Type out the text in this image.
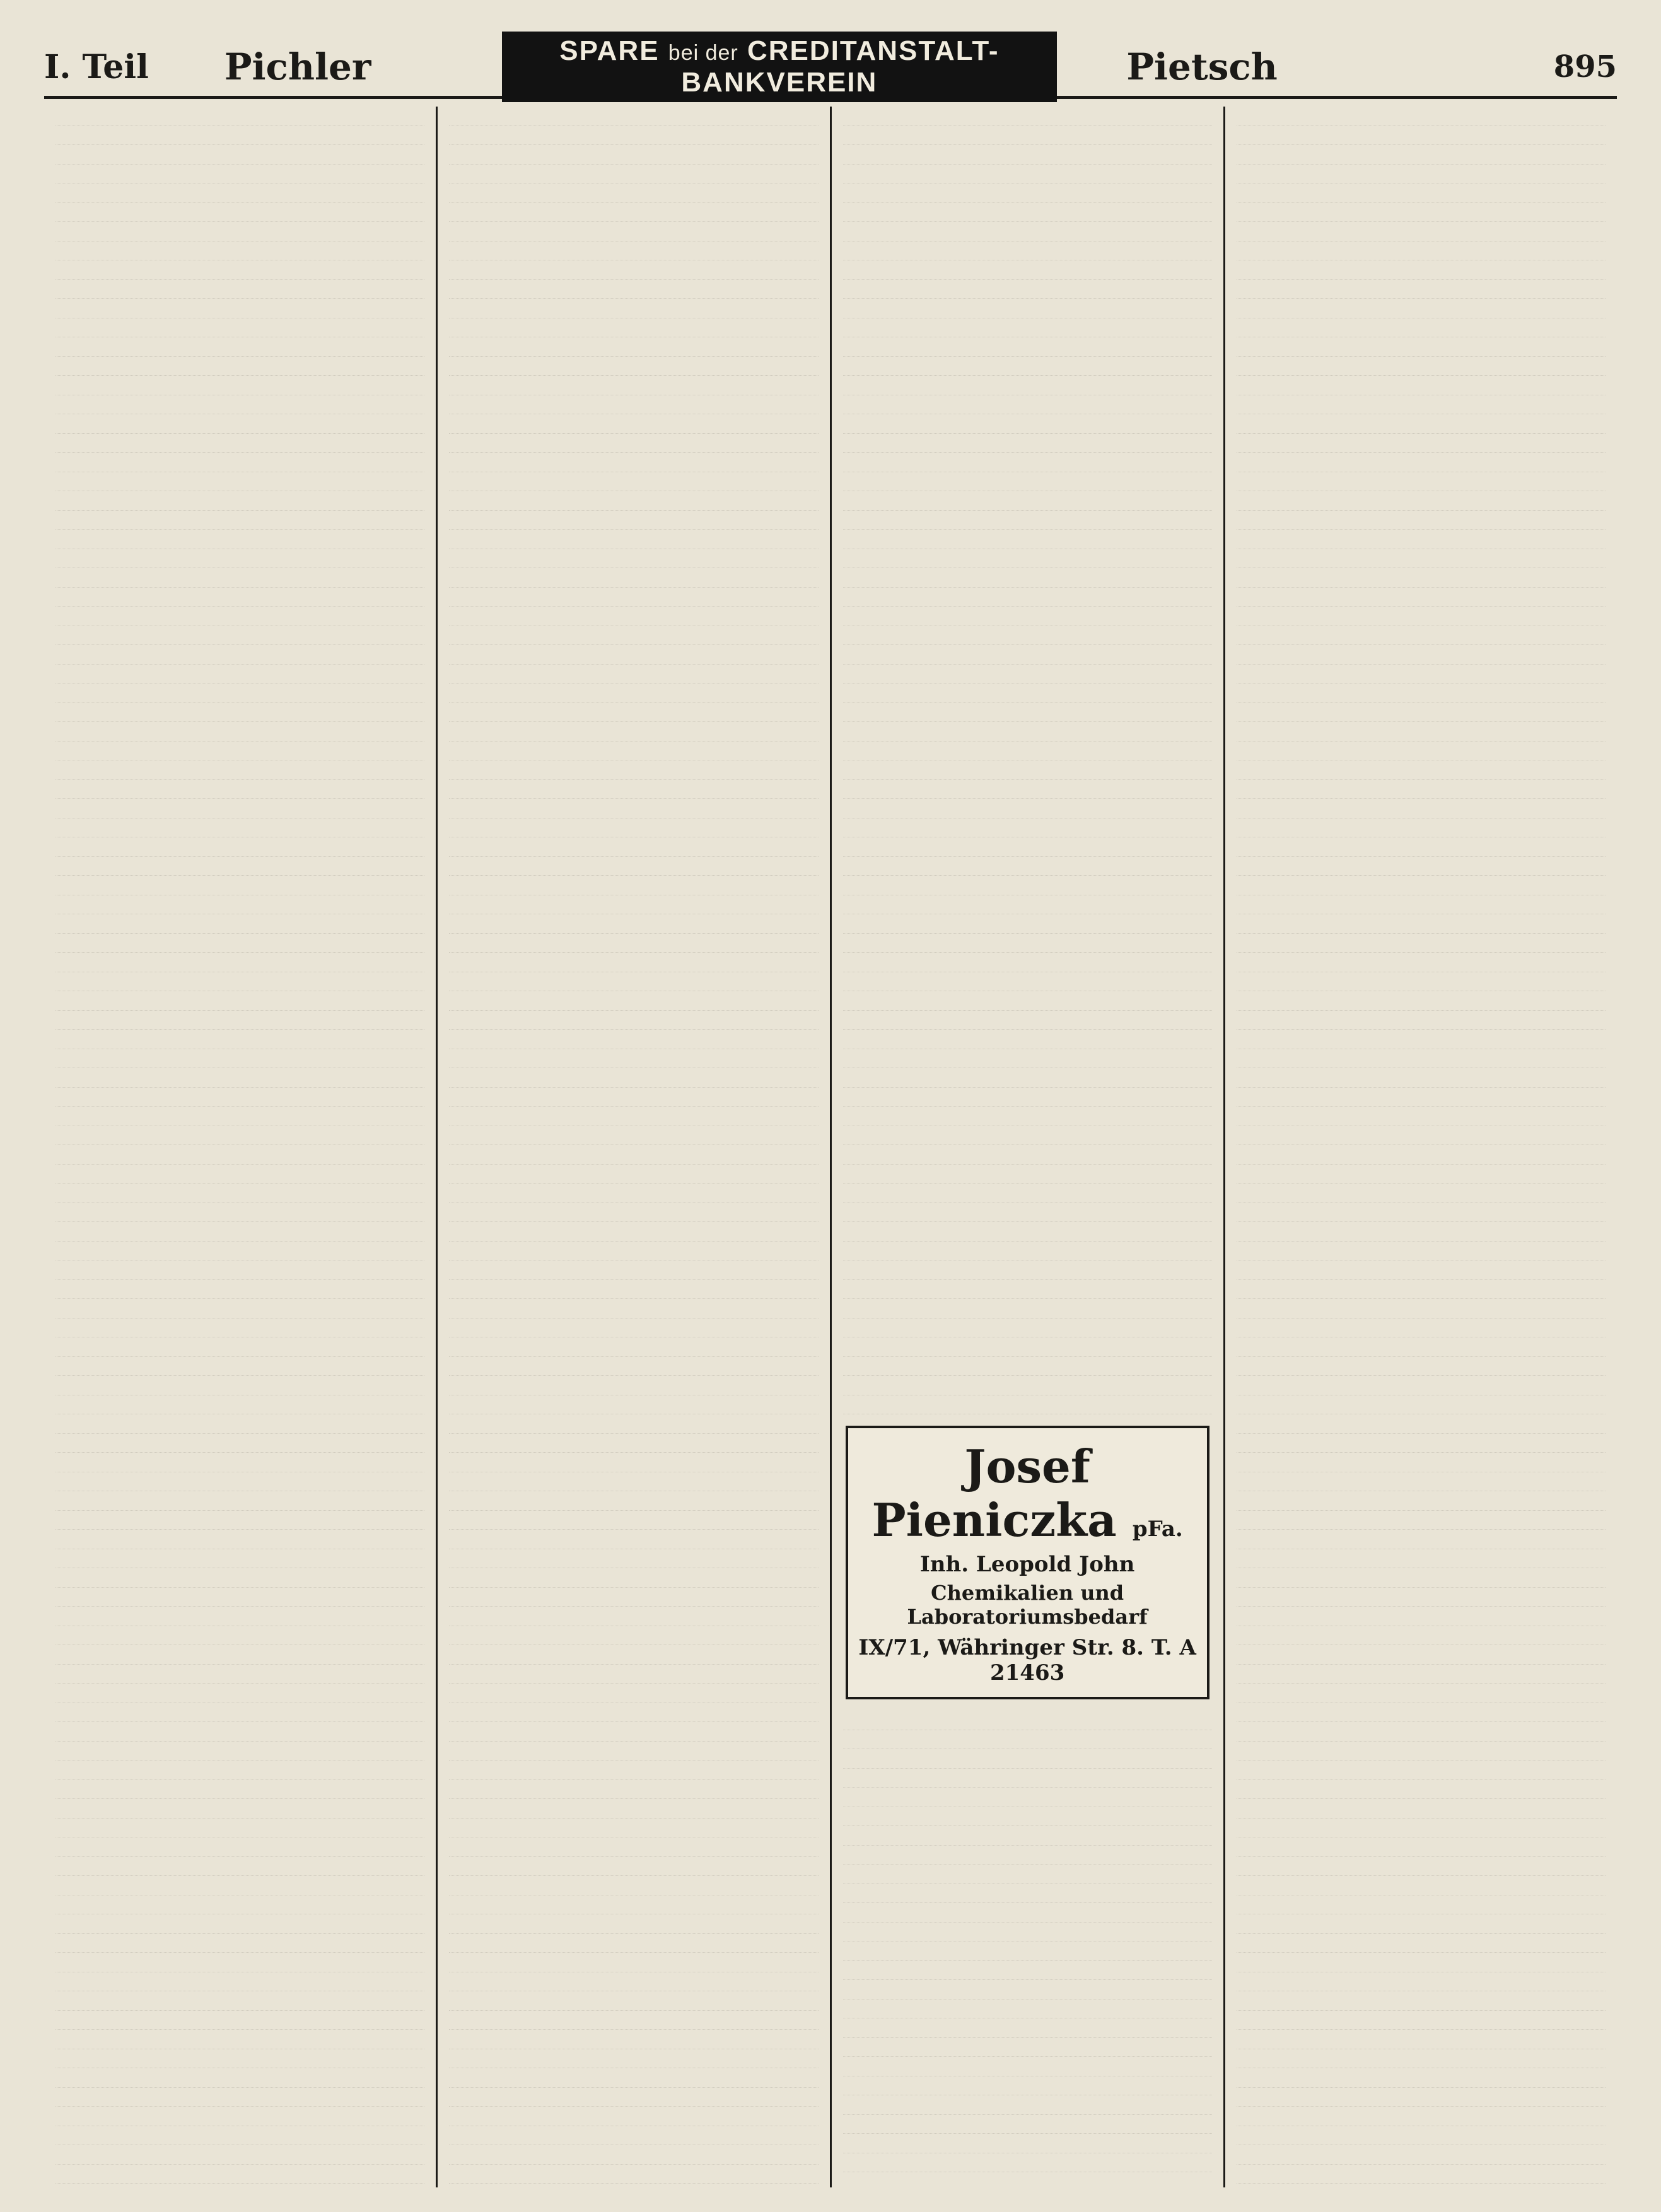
I. Teil Pichler	SPARE bei der CREDITANSTALT-BANKVEREIN	Pietsch	895
Josef Pieniczka pFa.
Inh. Leopold John
Chemikalien und Laboratoriumsbedarf
IX/71, Währinger Str. 8. T. A 21463
